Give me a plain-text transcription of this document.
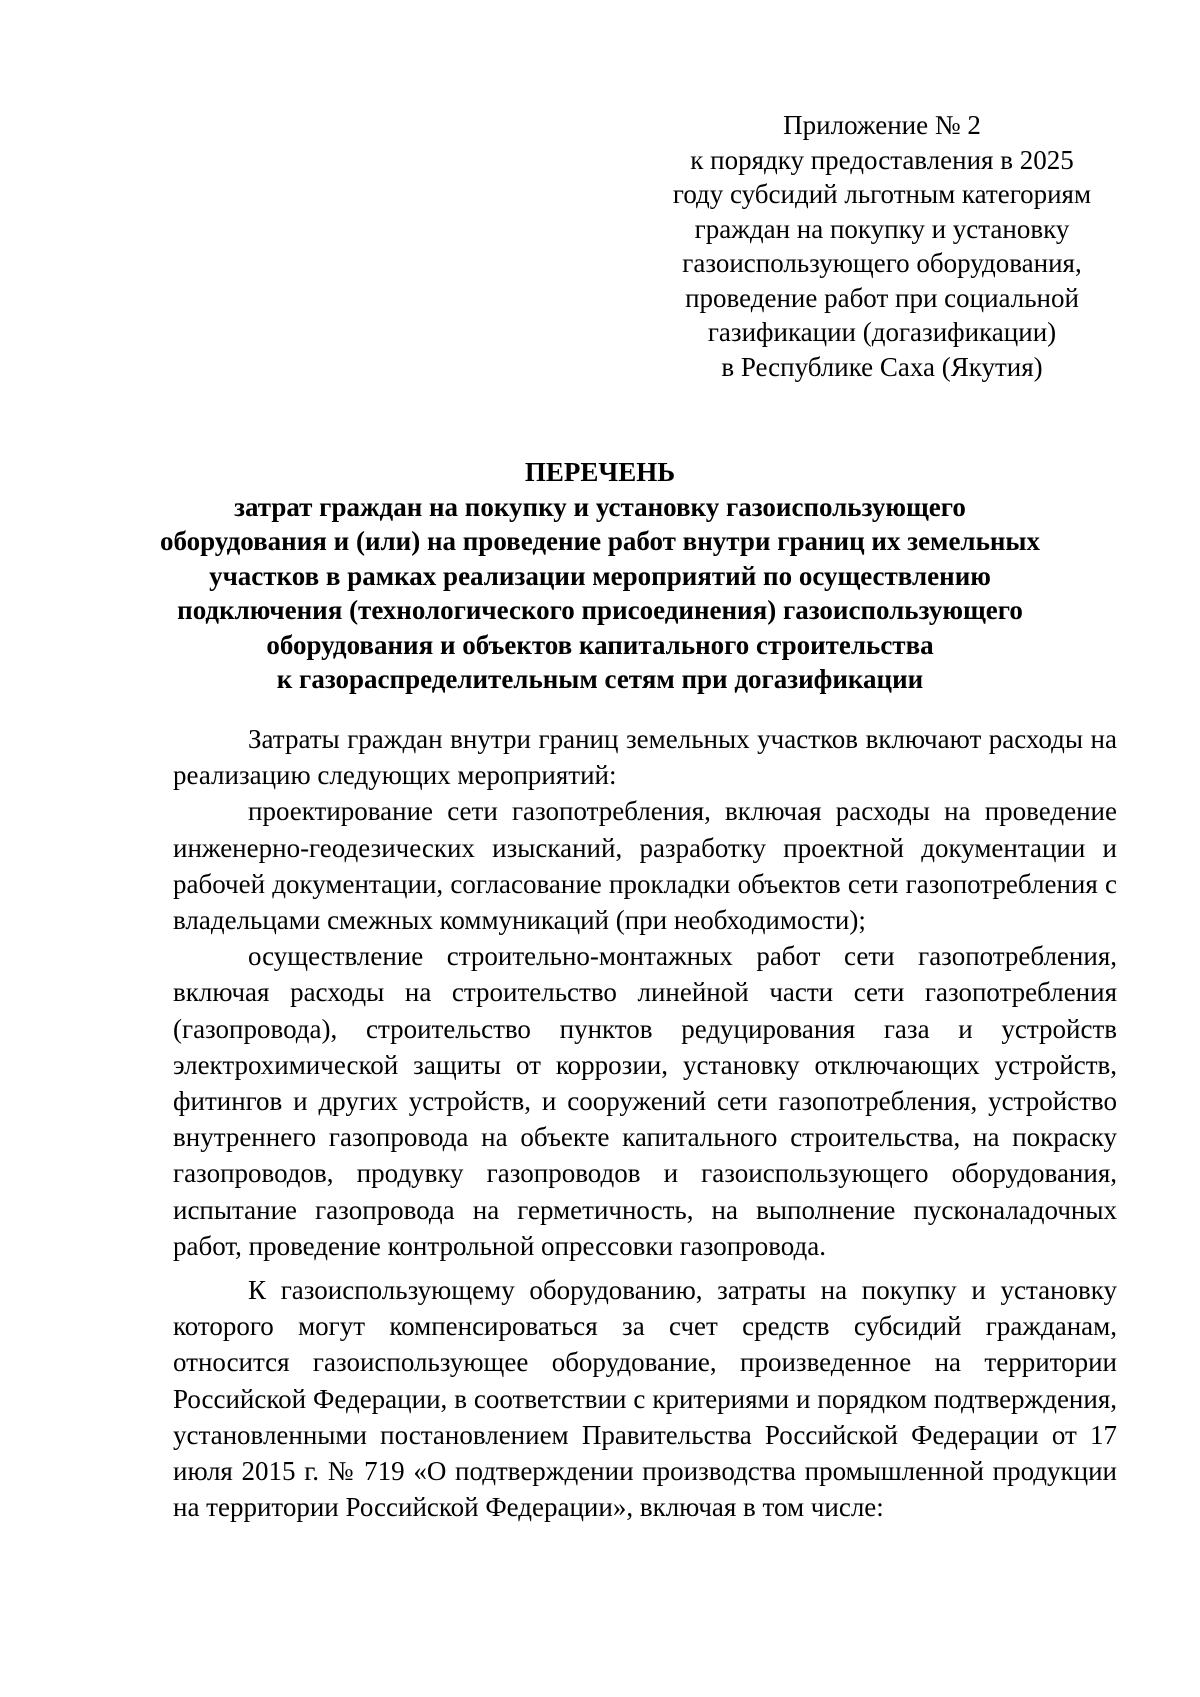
Приложение № 2
к порядку предоставления в 2025
году субсидий льготным категориям
граждан на покупку и установку
газоиспользующего оборудования,
проведение работ при социальной
газификации (догазификации)
в Республике Саха (Якутия)
ПЕРЕЧЕНЬ
затрат граждан на покупку и установку газоиспользующего
оборудования и (или) на проведение работ внутри границ их земельных
участков в рамках реализации мероприятий по осуществлению
подключения (технологического присоединения) газоиспользующего
оборудования и объектов капитального строительства
к газораспределительным сетям при догазификации

Затраты граждан внутри границ земельных участков включают расходы на реализацию следующих мероприятий:

проектирование сети газопотребления, включая расходы на проведение инженерно-геодезических изысканий, разработку проектной документации и рабочей документации, согласование прокладки объектов сети газопотребления с владельцами смежных коммуникаций (при необходимости);

осуществление строительно-монтажных работ сети газопотребления, включая расходы на строительство линейной части сети газопотребления (газопровода), строительство пунктов редуцирования газа и устройств электрохимической защиты от коррозии, установку отключающих устройств, фитингов и других устройств, и сооружений сети газопотребления, устройство внутреннего газопровода на объекте капитального строительства, на покраску газопроводов, продувку газопроводов и газоиспользующего оборудования, испытание газопровода на герметичность, на выполнение пусконаладочных работ, проведение контрольной опрессовки газопровода.

К газоиспользующему оборудованию, затраты на покупку и установку которого могут компенсироваться за счет средств субсидий гражданам, относится газоиспользующее оборудование, произведенное на территории Российской Федерации, в соответствии с критериями и порядком подтверждения, установленными постановлением Правительства Российской Федерации от 17 июля 2015 г. № 719 «О подтверждении производства промышленной продукции на территории Российской Федерации», включая в том числе:
